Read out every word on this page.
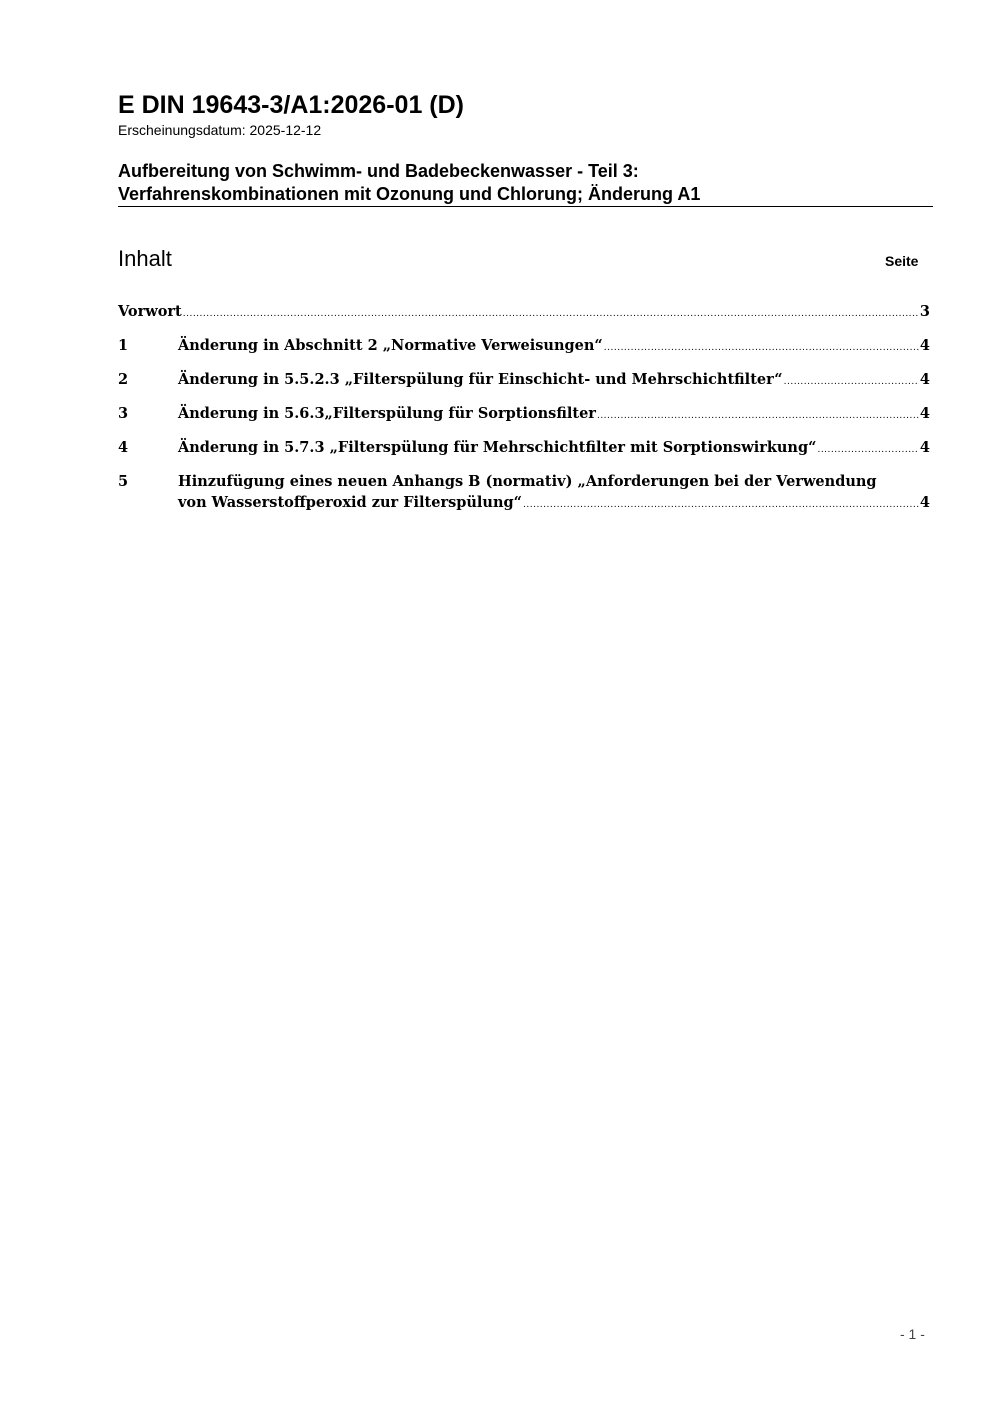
E DIN 19643-3/A1:2026-01 (D)
Erscheinungsdatum: 2025-12-12
Aufbereitung von Schwimm- und Badebeckenwasser - Teil 3:
Verfahrenskombinationen mit Ozonung und Chlorung; Änderung A1
Inhalt	Seite
Vorwort .....	3
1	Änderung in Abschnitt 2 „Normative Verweisungen“ .....	4
2	Änderung in 5.5.2.3 „Filterspülung für Einschicht- und Mehrschichtfilter“ .....	4
3	Änderung in 5.6.3„Filterspülung für Sorptionsfilter .....	4
4	Änderung in 5.7.3 „Filterspülung für Mehrschichtfilter mit Sorptionswirkung“ .....	4
5	Hinzufügung eines neuen Anhangs B (normativ) „Anforderungen bei der Verwendung
von Wasserstoffperoxid zur Filterspülung“ .....	4
- 1 -
